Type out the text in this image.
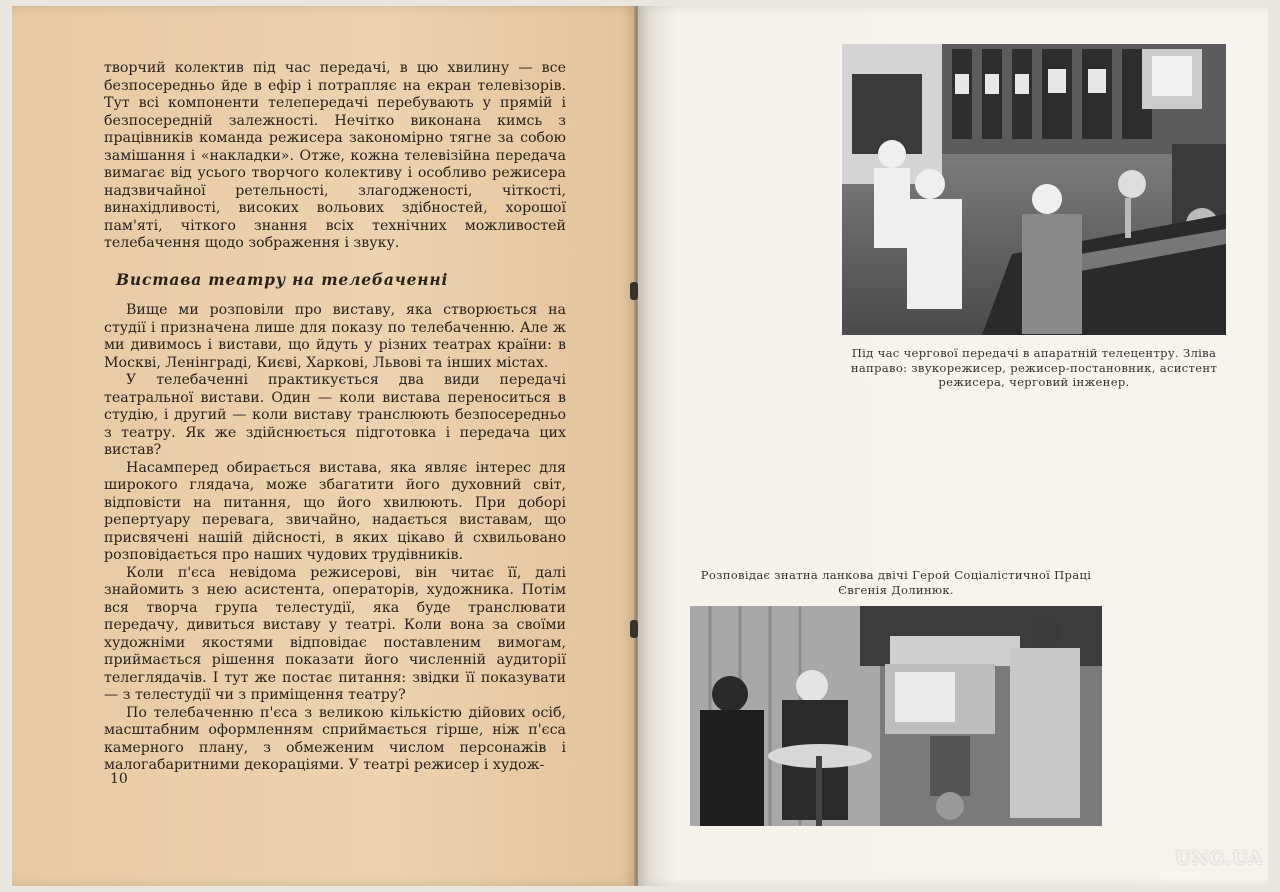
творчий колектив під час передачі, в цю хвилину — все безпосередньо йде в ефір і потрапляє на екран телевізорів. Тут всі компоненти телепередачі перебувають у прямій і безпосередній залежності. Нечітко виконана кимсь з працівників команда режисера закономірно тягне за собою замішання і «накладки». Отже, кожна телевізійна передача вимагає від усього творчого колективу і особливо режисера надзвичайної ретельності, злагодженості, чіткості, винахідливості, високих вольових здібностей, хорошої пам'яті, чіткого знання всіх технічних можливостей телебачення щодо зображення і звуку.

Вистава театру на телебаченні

Вище ми розповіли про виставу, яка створюється на студії і призначена лише для показу по телебаченню. Але ж ми дивимось і вистави, що йдуть у різних театрах країни: в Москві, Ленінграді, Києві, Харкові, Львові та інших містах.

У телебаченні практикується два види передачі театральної вистави. Один — коли вистава переноситься в студію, і другий — коли виставу транслюють безпосередньо з театру. Як же здійснюється підготовка і передача цих вистав?

Насамперед обирається вистава, яка являє інтерес для широкого глядача, може збагатити його духовний світ, відповісти на питання, що його хвилюють. При доборі репертуару перевага, звичайно, надається виставам, що присвячені нашій дійсності, в яких цікаво й схвильовано розповідається про наших чудових трудівників.

Коли п'єса невідома режисерові, він читає її, далі знайомить з нею асистента, операторів, художника. Потім вся творча група телестудії, яка буде транслювати передачу, дивиться виставу у театрі. Коли вона за своїми художніми якостями відповідає поставленим вимогам, приймається рішення показати його численній аудиторії телеглядачів. І тут же постає питання: звідки її показувати — з телестудії чи з приміщення театру?

По телебаченню п'єса з великою кількістю дійових осіб, масштабним оформленням сприймається гірше, ніж п'єса камерного плану, з обмеженим числом персонажів і малогабаритними декораціями. У театрі режисер і худож-

10
Під час чергової передачі в апаратній телецентру. Зліва направо: звукорежисер, режисер-постановник, асистент режисера, черговий інженер.
Розповідає знатна ланкова двічі Герой Соціалістичної Праці Євгенія Долинюк.
UNG.UA
